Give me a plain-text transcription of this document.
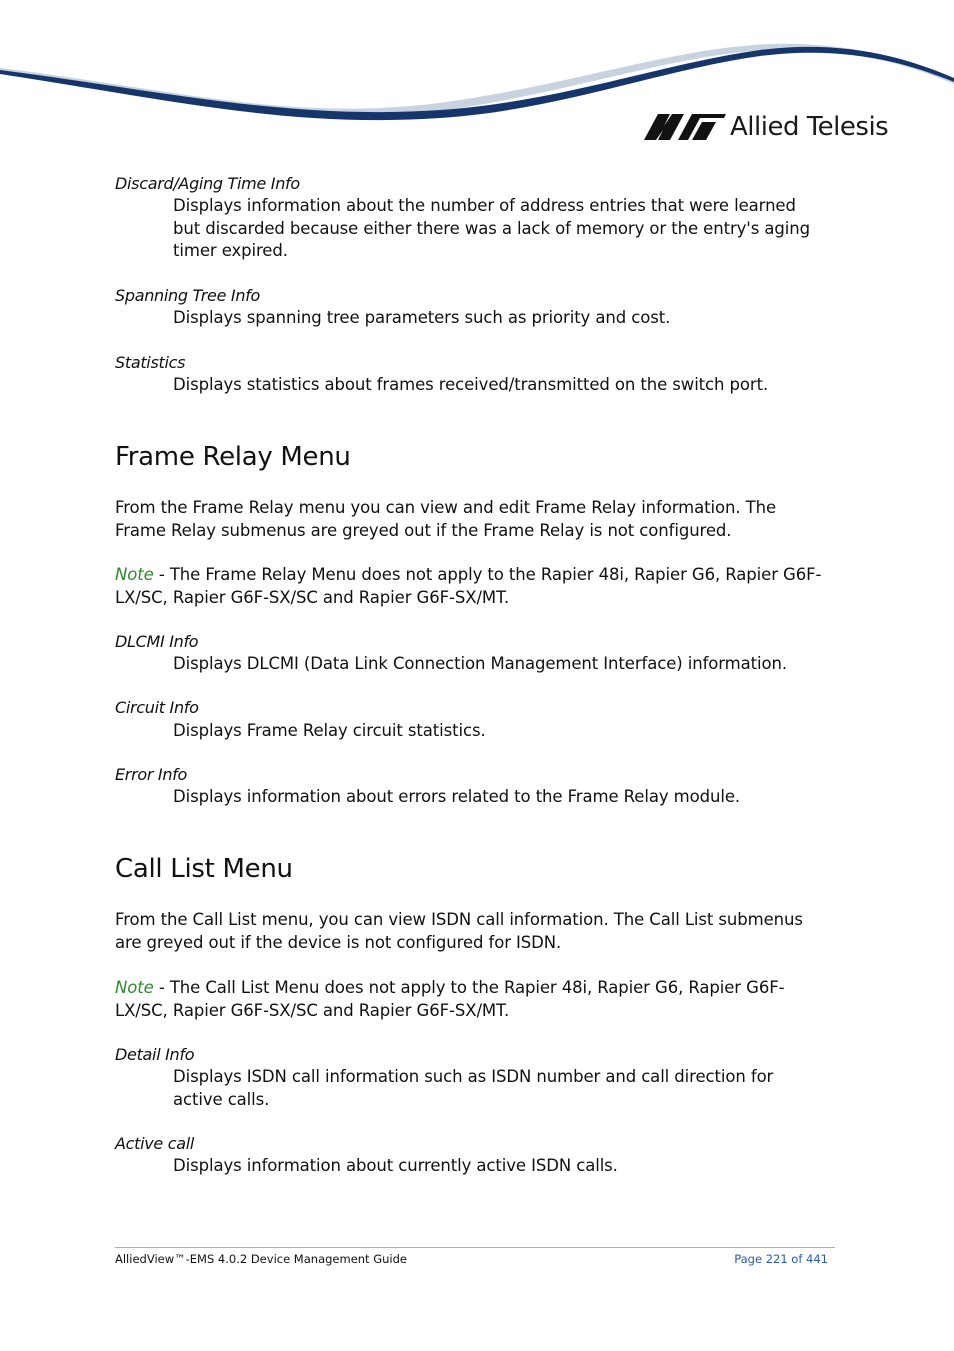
Allied Telesis
Discard/Aging Time Info
Displays information about the number of address entries that were learned but discarded because either there was a lack of memory or the entry's aging timer expired.
Spanning Tree Info
Displays spanning tree parameters such as priority and cost.
Statistics
Displays statistics about frames received/transmitted on the switch port.
Frame Relay Menu
From the Frame Relay menu you can view and edit Frame Relay information. The Frame Relay submenus are greyed out if the Frame Relay is not configured.
Note - The Frame Relay Menu does not apply to the Rapier 48i, Rapier G6, Rapier G6F-LX/SC, Rapier G6F-SX/SC and Rapier G6F-SX/MT.
DLCMI Info
Displays DLCMI (Data Link Connection Management Interface) information.
Circuit Info
Displays Frame Relay circuit statistics.
Error Info
Displays information about errors related to the Frame Relay module.
Call List Menu
From the Call List menu, you can view ISDN call information. The Call List submenus are greyed out if the device is not configured for ISDN.
Note - The Call List Menu does not apply to the Rapier 48i, Rapier G6, Rapier G6F-LX/SC, Rapier G6F-SX/SC and Rapier G6F-SX/MT.
Detail Info
Displays ISDN call information such as ISDN number and call direction for active calls.
Active call
Displays information about currently active ISDN calls.
AlliedView™-EMS 4.0.2 Device Management Guide	Page 221 of 441
